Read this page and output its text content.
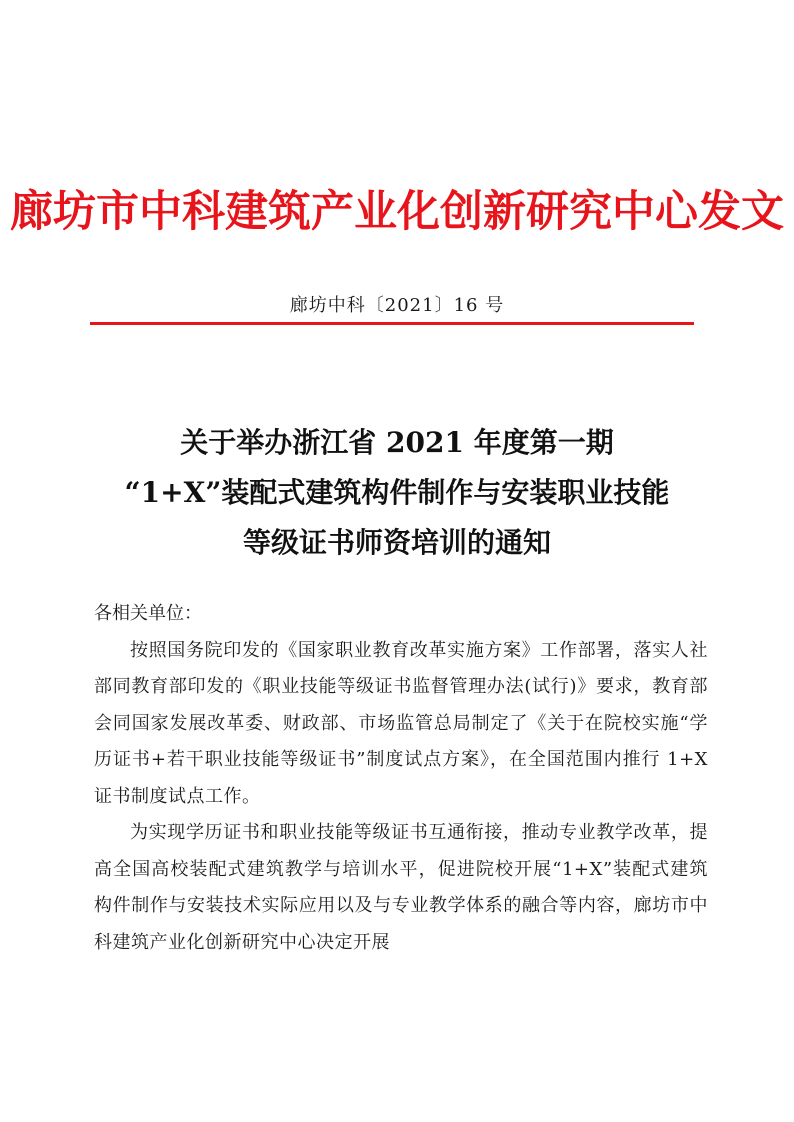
廊坊市中科建筑产业化创新研究中心发文
廊坊中科〔2021〕16 号
关于举办浙江省 2021 年度第一期
“1+X”装配式建筑构件制作与安装职业技能
等级证书师资培训的通知
各相关单位：

按照国务院印发的《国家职业教育改革实施方案》工作部署，落实人社部同教育部印发的《职业技能等级证书监督管理办法(试行)》要求，教育部会同国家发展改革委、财政部、市场监管总局制定了《关于在院校实施“学历证书+若干职业技能等级证书”制度试点方案》，在全国范围内推行 1+X 证书制度试点工作。

为实现学历证书和职业技能等级证书互通衔接，推动专业教学改革，提高全国高校装配式建筑教学与培训水平，促进院校开展“1+X”装配式建筑构件制作与安装技术实际应用以及与专业教学体系的融合等内容，廊坊市中科建筑产业化创新研究中心决定开展
